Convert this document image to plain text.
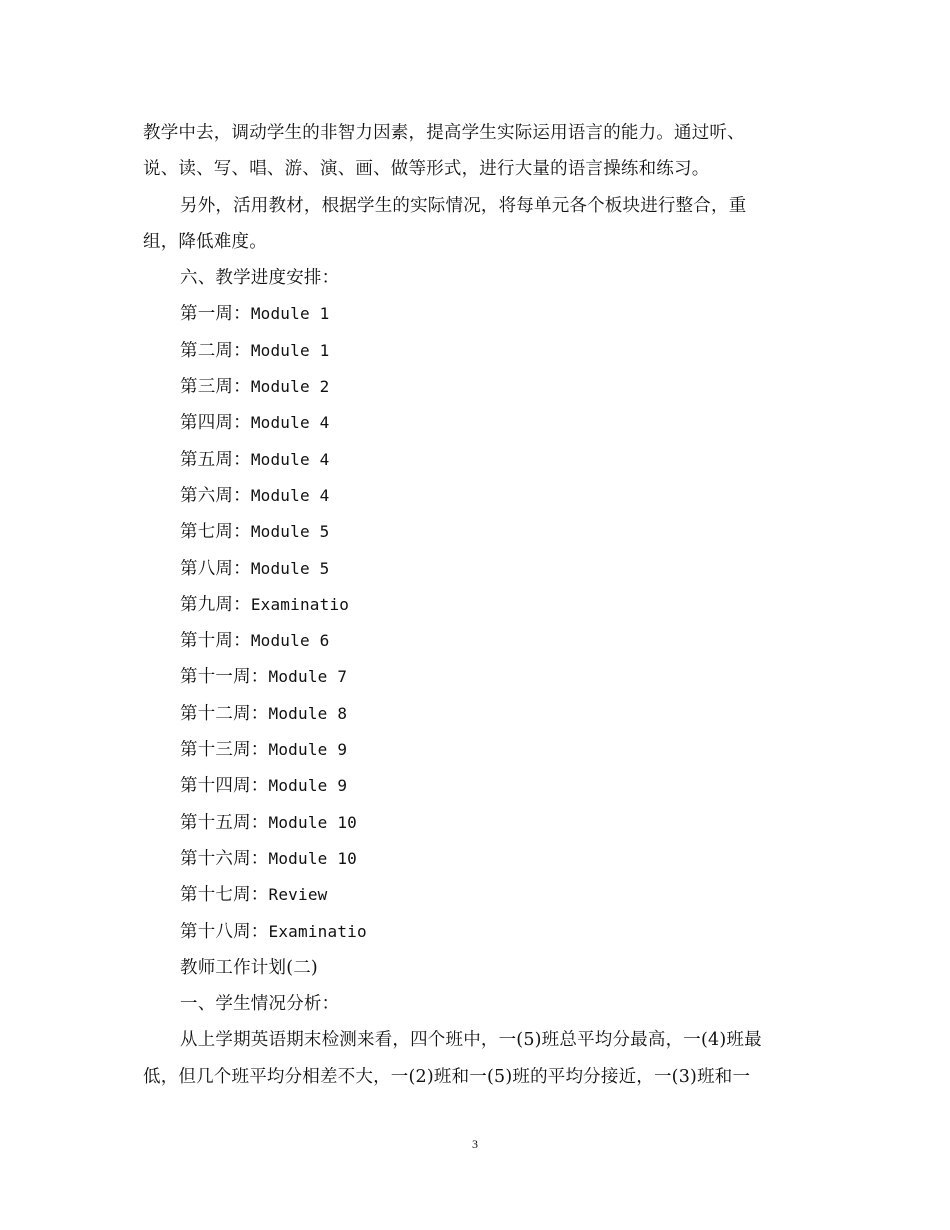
教学中去，调动学生的非智力因素，提高学生实际运用语言的能力。通过听、
说、读、写、唱、游、演、画、做等形式，进行大量的语言操练和练习。
另外，活用教材，根据学生的实际情况，将每单元各个板块进行整合，重
组，降低难度。
六、教学进度安排：
第一周：Module 1
第二周：Module 1
第三周：Module 2
第四周：Module 4
第五周：Module 4
第六周：Module 4
第七周：Module 5
第八周：Module 5
第九周：Examinatio
第十周：Module 6
第十一周：Module 7
第十二周：Module 8
第十三周：Module 9
第十四周：Module 9
第十五周：Module 10
第十六周：Module 10
第十七周：Review
第十八周：Examinatio
教师工作计划(二)
一、学生情况分析：
从上学期英语期末检测来看，四个班中，一(5)班总平均分最高，一(4)班最
低，但几个班平均分相差不大，一(2)班和一(5)班的平均分接近，一(3)班和一
3
